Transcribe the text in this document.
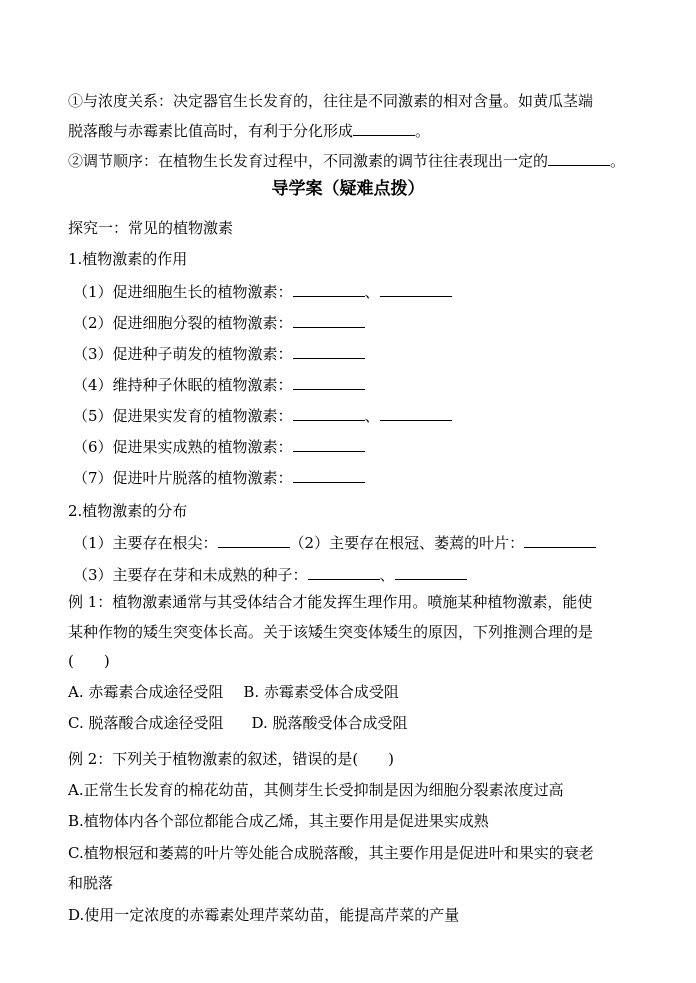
①与浓度关系：决定器官生长发育的，往往是不同激素的相对含量。如黄瓜茎端
脱落酸与赤霉素比值高时，有利于分化形成	。
②调节顺序：在植物生长发育过程中，不同激素的调节往往表现出一定的	。
导学案（疑难点拨）
探究一：常见的植物激素
1.植物激素的作用
（1）促进细胞生长的植物激素：	、
（2）促进细胞分裂的植物激素：
（3）促进种子萌发的植物激素：
（4）维持种子休眠的植物激素：
（5）促进果实发育的植物激素：	、
（6）促进果实成熟的植物激素：
（7）促进叶片脱落的植物激素：
2.植物激素的分布
（1）主要存在根尖：	（2）主要存在根冠、萎蔫的叶片：
（3）主要存在芽和未成熟的种子：	、
例 1：植物激素通常与其受体结合才能发挥生理作用。喷施某种植物激素，能使
某种作物的矮生突变体长高。关于该矮生突变体矮生的原因，下列推测合理的是
(　　)
A. 赤霉素合成途径受阻 B. 赤霉素受体合成受阻
C. 脱落酸合成途径受阻 D. 脱落酸受体合成受阻
例 2：下列关于植物激素的叙述，错误的是(　　)
A.正常生长发育的棉花幼苗，其侧芽生长受抑制是因为细胞分裂素浓度过高
B.植物体内各个部位都能合成乙烯，其主要作用是促进果实成熟
C.植物根冠和萎蔫的叶片等处能合成脱落酸，其主要作用是促进叶和果实的衰老
和脱落
D.使用一定浓度的赤霉素处理芹菜幼苗，能提高芹菜的产量
